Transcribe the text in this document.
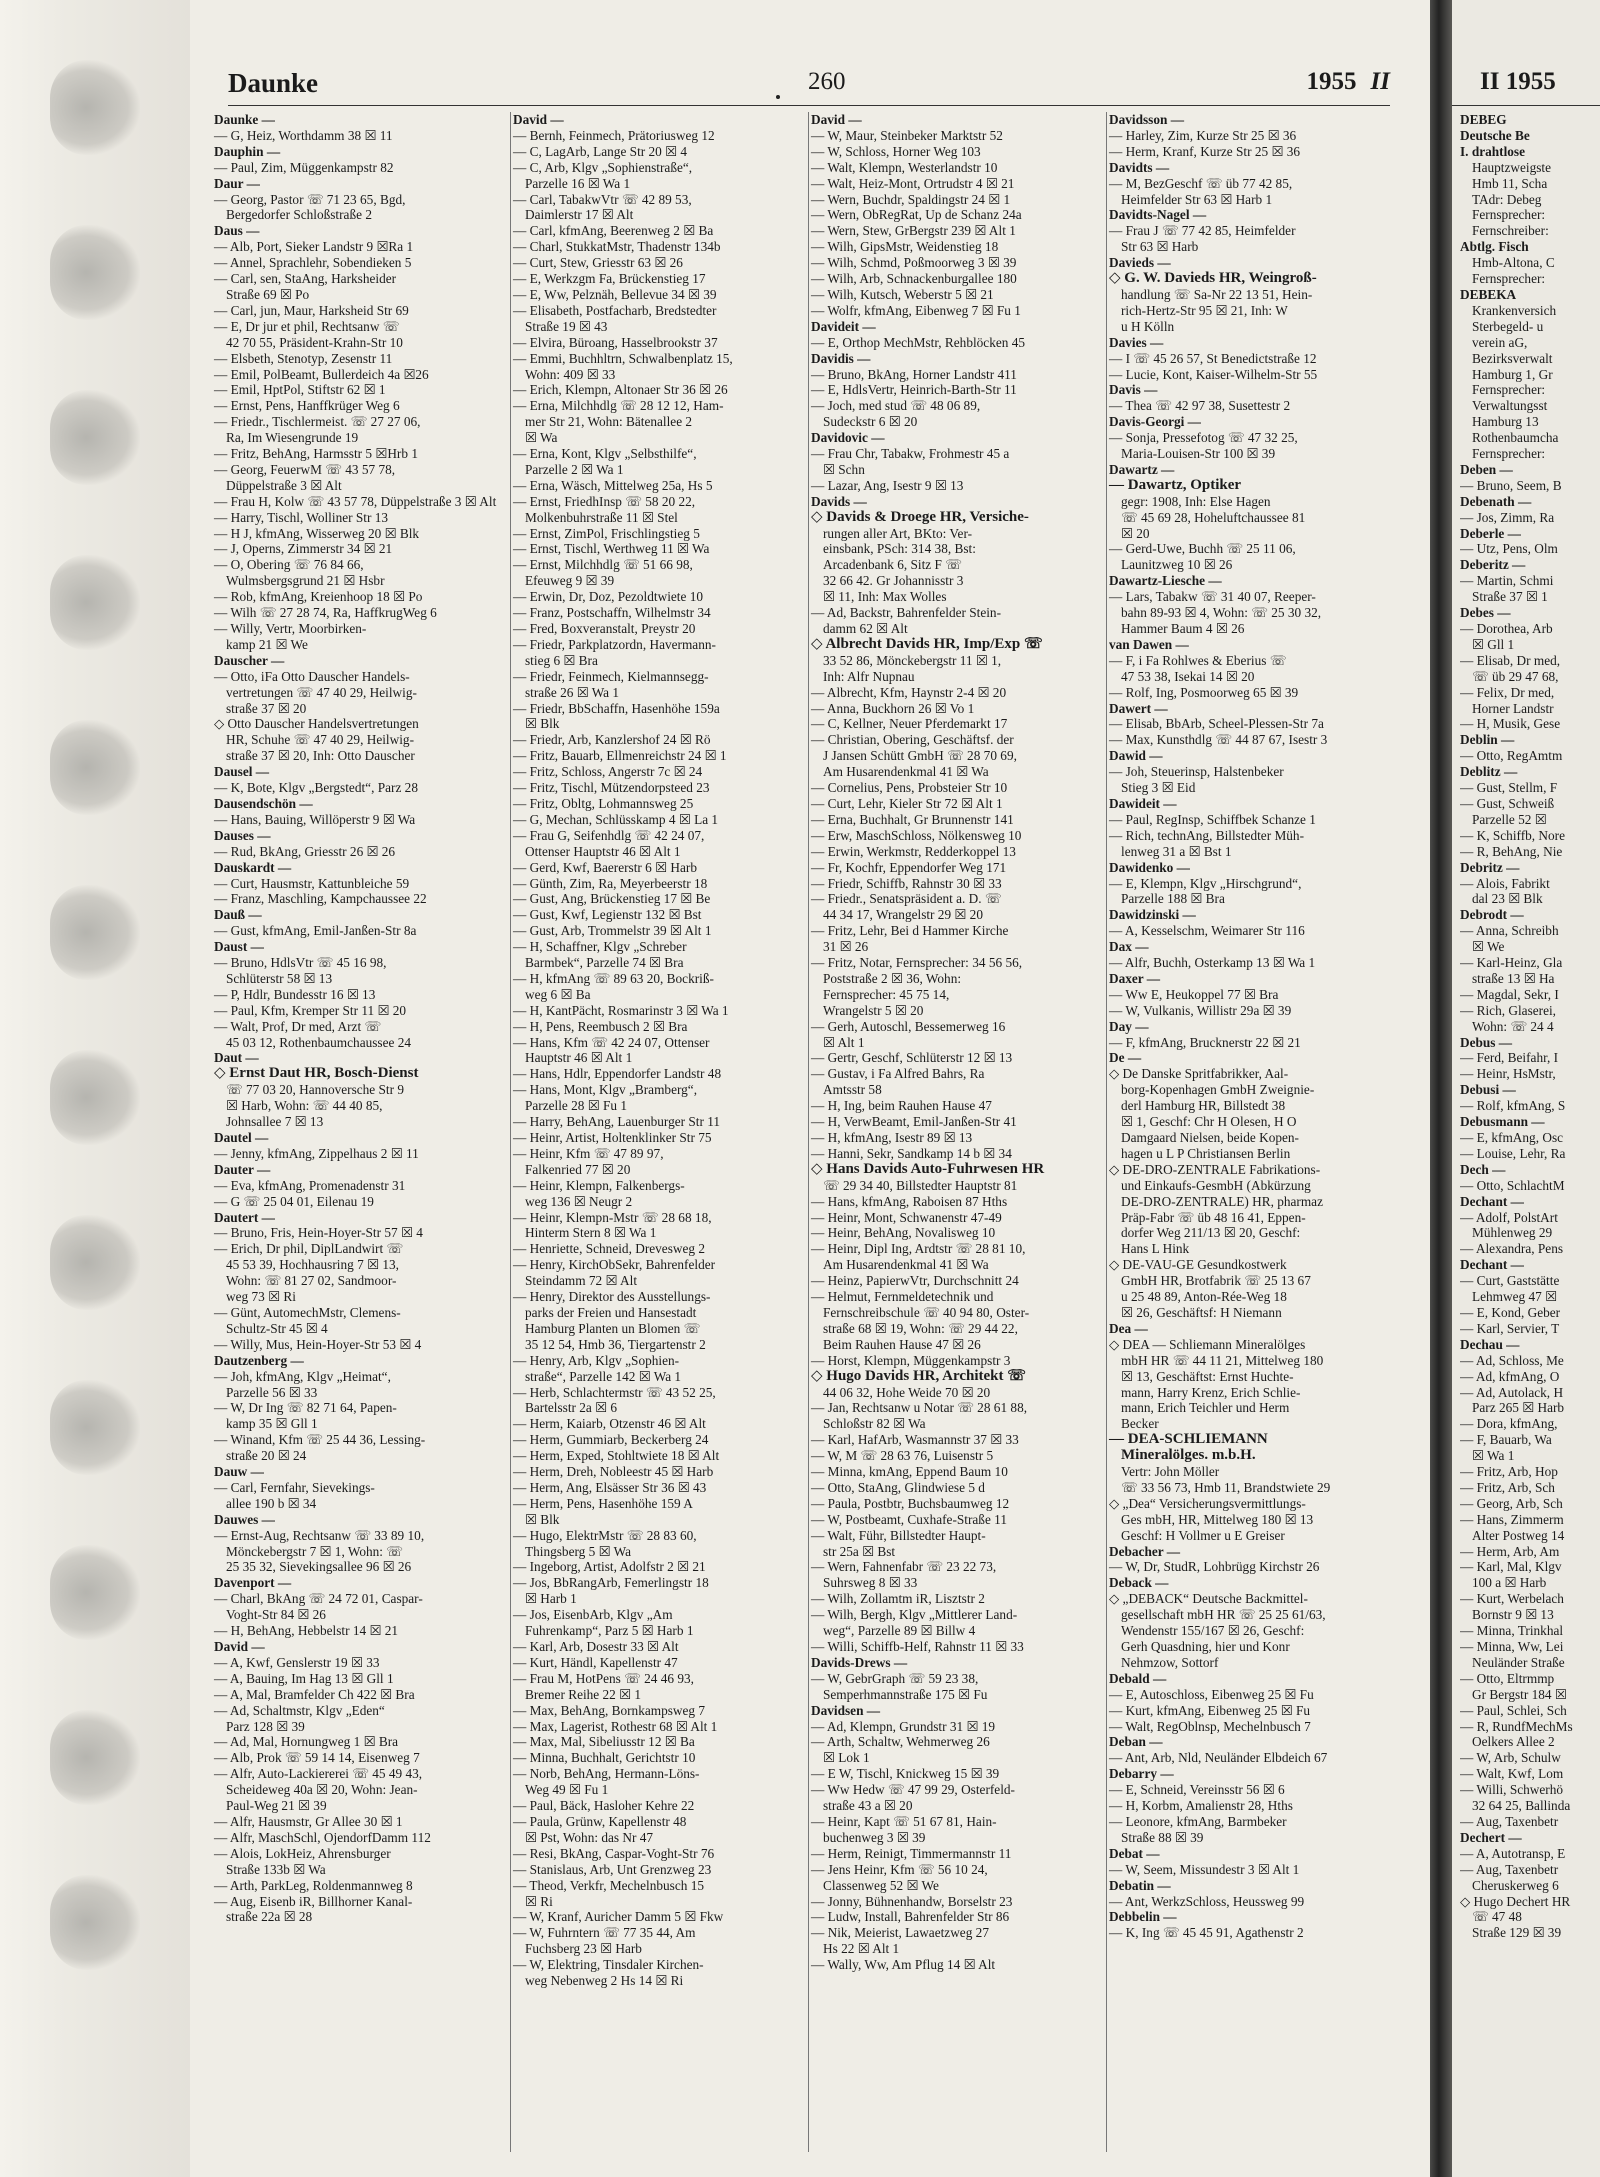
Daunke	260	1955 II
Daunke —
— G, Heiz, Worthdamm 38 ☒ 11
Dauphin —
— Paul, Zim, Müggenkampstr 82
Daur —
— Georg, Pastor ☏ 71 23 65, Bgd,
Bergedorfer Schloßstraße 2
Daus —
— Alb, Port, Sieker Landstr 9 ☒Ra 1
— Annel, Sprachlehr, Sobendieken 5
— Carl, sen, StaAng, Harksheider
Straße 69 ☒ Po
— Carl, jun, Maur, Harksheid Str 69
— E, Dr jur et phil, Rechtsanw ☏
42 70 55, Präsident-Krahn-Str 10
— Elsbeth, Stenotyp, Zesenstr 11
— Emil, PolBeamt, Bullerdeich 4a ☒26
— Emil, HptPol, Stiftstr 62 ☒ 1
— Ernst, Pens, Hanffkrüger Weg 6
— Friedr., Tischlermeist. ☏ 27 27 06,
Ra, Im Wiesengrunde 19
— Fritz, BehAng, Harmsstr 5 ☒Hrb 1
— Georg, FeuerwM ☏ 43 57 78,
Düppelstraße 3 ☒ Alt
— Frau H, Kolw ☏ 43 57 78, Düppelstraße 3 ☒ Alt
— Harry, Tischl, Wolliner Str 13
— H J, kfmAng, Wisserweg 20 ☒ Blk
— J, Operns, Zimmerstr 34 ☒ 21
— O, Obering ☏ 76 84 66,
Wulmsbergsgrund 21 ☒ Hsbr
— Rob, kfmAng, Kreienhoop 18 ☒ Po
— Wilh ☏ 27 28 74, Ra, HaffkrugWeg 6
— Willy, Vertr, Moorbirken-
kamp 21 ☒ We
Dauscher —
— Otto, iFa Otto Dauscher Handels-
vertretungen ☏ 47 40 29, Heilwig-
straße 37 ☒ 20
◇ Otto Dauscher Handelsvertretungen
HR, Schuhe ☏ 47 40 29, Heilwig-
straße 37 ☒ 20, Inh: Otto Dauscher
Dausel —
— K, Bote, Klgv „Bergstedt“, Parz 28
Dausendschön —
— Hans, Bauing, Willöperstr 9 ☒ Wa
Dauses —
— Rud, BkAng, Griesstr 26 ☒ 26
Dauskardt —
— Curt, Hausmstr, Kattunbleiche 59
— Franz, Maschling, Kampchaussee 22
Dauß —
— Gust, kfmAng, Emil-Janßen-Str 8a
Daust —
— Bruno, HdlsVtr ☏ 45 16 98,
Schlüterstr 58 ☒ 13
— P, Hdlr, Bundesstr 16 ☒ 13
— Paul, Kfm, Kremper Str 11 ☒ 20
— Walt, Prof, Dr med, Arzt ☏
45 03 12, Rothenbaumchaussee 24
Daut —
◇ Ernst Daut HR, Bosch-Dienst
☏ 77 03 20, Hannoversche Str 9
☒ Harb, Wohn: ☏ 44 40 85,
Johnsallee 7 ☒ 13
Dautel —
— Jenny, kfmAng, Zippelhaus 2 ☒ 11
Dauter —
— Eva, kfmAng, Promenadenstr 31
— G ☏ 25 04 01, Eilenau 19
Dautert —
— Bruno, Fris, Hein-Hoyer-Str 57 ☒ 4
— Erich, Dr phil, DiplLandwirt ☏
45 53 39, Hochhausring 7 ☒ 13,
Wohn: ☏ 81 27 02, Sandmoor-
weg 73 ☒ Ri
— Günt, AutomechMstr, Clemens-
Schultz-Str 45 ☒ 4
— Willy, Mus, Hein-Hoyer-Str 53 ☒ 4
Dautzenberg —
— Joh, kfmAng, Klgv „Heimat“,
Parzelle 56 ☒ 33
— W, Dr Ing ☏ 82 71 64, Papen-
kamp 35 ☒ Gll 1
— Winand, Kfm ☏ 25 44 36, Lessing-
straße 20 ☒ 24
Dauw —
— Carl, Fernfahr, Sievekings-
allee 190 b ☒ 34
Dauwes —
— Ernst-Aug, Rechtsanw ☏ 33 89 10,
Mönckebergstr 7 ☒ 1, Wohn: ☏
25 35 32, Sievekingsallee 96 ☒ 26
Davenport —
— Charl, BkAng ☏ 24 72 01, Caspar-
Voght-Str 84 ☒ 26
— H, BehAng, Hebbelstr 14 ☒ 21
David —
— A, Kwf, Genslerstr 19 ☒ 33
— A, Bauing, Im Hag 13 ☒ Gll 1
— A, Mal, Bramfelder Ch 422 ☒ Bra
— Ad, Schaltmstr, Klgv „Eden“
Parz 128 ☒ 39
— Ad, Mal, Hornungweg 1 ☒ Bra
— Alb, Prok ☏ 59 14 14, Eisenweg 7
— Alfr, Auto-Lackiererei ☏ 45 49 43,
Scheideweg 40a ☒ 20, Wohn: Jean-
Paul-Weg 21 ☒ 39
— Alfr, Hausmstr, Gr Allee 30 ☒ 1
— Alfr, MaschSchl, OjendorfDamm 112
— Alois, LokHeiz, Ahrensburger
Straße 133b ☒ Wa
— Arth, ParkLeg, Roldenmannweg 8
— Aug, Eisenb iR, Billhorner Kanal-
straße 22a ☒ 28
David —
— Bernh, Feinmech, Prätoriusweg 12
— C, LagArb, Lange Str 20 ☒ 4
— C, Arb, Klgv „Sophienstraße“,
Parzelle 16 ☒ Wa 1
— Carl, TabakwVtr ☏ 42 89 53,
Daimlerstr 17 ☒ Alt
— Carl, kfmAng, Beerenweg 2 ☒ Ba
— Charl, StukkatMstr, Thadenstr 134b
— Curt, Stew, Griesstr 63 ☒ 26
— E, Werkzgm Fa, Brückenstieg 17
— E, Ww, Pelznäh, Bellevue 34 ☒ 39
— Elisabeth, Postfacharb, Bredstedter
Straße 19 ☒ 43
— Elvira, Büroang, Hasselbrookstr 37
— Emmi, Buchhltrn, Schwalbenplatz 15,
Wohn: 409 ☒ 33
— Erich, Klempn, Altonaer Str 36 ☒ 26
— Erna, Milchhdlg ☏ 28 12 12, Ham-
mer Str 21, Wohn: Bätenallee 2
☒ Wa
— Erna, Kont, Klgv „Selbsthilfe“,
Parzelle 2 ☒ Wa 1
— Erna, Wäsch, Mittelweg 25a, Hs 5
— Ernst, FriedhInsp ☏ 58 20 22,
Molkenbuhrstraße 11 ☒ Stel
— Ernst, ZimPol, Frischlingstieg 5
— Ernst, Tischl, Werthweg 11 ☒ Wa
— Ernst, Milchhdlg ☏ 51 66 98,
Efeuweg 9 ☒ 39
— Erwin, Dr, Doz, Pezoldtwiete 10
— Franz, Postschaffn, Wilhelmstr 34
— Fred, Boxveranstalt, Preystr 20
— Friedr, Parkplatzordn, Havermann-
stieg 6 ☒ Bra
— Friedr, Feinmech, Kielmannsegg-
straße 26 ☒ Wa 1
— Friedr, BbSchaffn, Hasenhöhe 159a
☒ Blk
— Friedr, Arb, Kanzlershof 24 ☒ Rö
— Fritz, Bauarb, Ellmenreichstr 24 ☒ 1
— Fritz, Schloss, Angerstr 7c ☒ 24
— Fritz, Tischl, Mützendorpsteed 23
— Fritz, Obltg, Lohmannsweg 25
— G, Mechan, Schlüsskamp 4 ☒ La 1
— Frau G, Seifenhdlg ☏ 42 24 07,
Ottenser Hauptstr 46 ☒ Alt 1
— Gerd, Kwf, Baererstr 6 ☒ Harb
— Günth, Zim, Ra, Meyerbeerstr 18
— Gust, Ang, Brückenstieg 17 ☒ Be
— Gust, Kwf, Legienstr 132 ☒ Bst
— Gust, Arb, Trommelstr 39 ☒ Alt 1
— H, Schaffner, Klgv „Schreber
Barmbek“, Parzelle 74 ☒ Bra
— H, kfmAng ☏ 89 63 20, Bockriß-
weg 6 ☒ Ba
— H, KantPächt, Rosmarinstr 3 ☒ Wa 1
— H, Pens, Reembusch 2 ☒ Bra
— Hans, Kfm ☏ 42 24 07, Ottenser
Hauptstr 46 ☒ Alt 1
— Hans, Hdlr, Eppendorfer Landstr 48
— Hans, Mont, Klgv „Bramberg“,
Parzelle 28 ☒ Fu 1
— Harry, BehAng, Lauenburger Str 11
— Heinr, Artist, Holtenklinker Str 75
— Heinr, Kfm ☏ 47 89 97,
Falkenried 77 ☒ 20
— Heinr, Klempn, Falkenbergs-
weg 136 ☒ Neugr 2
— Heinr, Klempn-Mstr ☏ 28 68 18,
Hinterm Stern 8 ☒ Wa 1
— Henriette, Schneid, Drevesweg 2
— Henry, KirchObSekr, Bahrenfelder
Steindamm 72 ☒ Alt
— Henry, Direktor des Ausstellungs-
parks der Freien und Hansestadt
Hamburg Planten un Blomen ☏
35 12 54, Hmb 36, Tiergartenstr 2
— Henry, Arb, Klgv „Sophien-
straße“, Parzelle 142 ☒ Wa 1
— Herb, Schlachtermstr ☏ 43 52 25,
Bartelsstr 2a ☒ 6
— Herm, Kaiarb, Otzenstr 46 ☒ Alt
— Herm, Gummiarb, Beckerberg 24
— Herm, Exped, Stohltwiete 18 ☒ Alt
— Herm, Dreh, Nobleestr 45 ☒ Harb
— Herm, Ang, Elsässer Str 36 ☒ 43
— Herm, Pens, Hasenhöhe 159 A
☒ Blk
— Hugo, ElektrMstr ☏ 28 83 60,
Thingsberg 5 ☒ Wa
— Ingeborg, Artist, Adolfstr 2 ☒ 21
— Jos, BbRangArb, Femerlingstr 18
☒ Harb 1
— Jos, EisenbArb, Klgv „Am
Fuhrenkamp“, Parz 5 ☒ Harb 1
— Karl, Arb, Dosestr 33 ☒ Alt
— Kurt, Händl, Kapellenstr 47
— Frau M, HotPens ☏ 24 46 93,
Bremer Reihe 22 ☒ 1
— Max, BehAng, Bornkampsweg 7
— Max, Lagerist, Rothestr 68 ☒ Alt 1
— Max, Mal, Sibeliusstr 12 ☒ Ba
— Minna, Buchhalt, Gerichtstr 10
— Norb, BehAng, Hermann-Löns-
Weg 49 ☒ Fu 1
— Paul, Bäck, Hasloher Kehre 22
— Paula, Grünw, Kapellenstr 48
☒ Pst, Wohn: das Nr 47
— Resi, BkAng, Caspar-Voght-Str 76
— Stanislaus, Arb, Unt Grenzweg 23
— Theod, Verkfr, Mechelnbusch 15
☒ Ri
— W, Kranf, Auricher Damm 5 ☒ Fkw
— W, Fuhrntern ☏ 77 35 44, Am
Fuchsberg 23 ☒ Harb
— W, Elektring, Tinsdaler Kirchen-
weg Nebenweg 2 Hs 14 ☒ Ri
David —
— W, Maur, Steinbeker Marktstr 52
— W, Schloss, Horner Weg 103
— Walt, Klempn, Westerlandstr 10
— Walt, Heiz-Mont, Ortrudstr 4 ☒ 21
— Wern, Buchdr, Spaldingstr 24 ☒ 1
— Wern, ObRegRat, Up de Schanz 24a
— Wern, Stew, GrBergstr 239 ☒ Alt 1
— Wilh, GipsMstr, Weidenstieg 18
— Wilh, Schmd, Poßmoorweg 3 ☒ 39
— Wilh, Arb, Schnackenburgallee 180
— Wilh, Kutsch, Weberstr 5 ☒ 21
— Wolfr, kfmAng, Eibenweg 7 ☒ Fu 1
Davideit —
— E, Orthop MechMstr, Rehblöcken 45
Davidis —
— Bruno, BkAng, Horner Landstr 411
— E, HdlsVertr, Heinrich-Barth-Str 11
— Joch, med stud ☏ 48 06 89,
Sudeckstr 6 ☒ 20
Davidovic —
— Frau Chr, Tabakw, Frohmestr 45 a
☒ Schn
— Lazar, Ang, Isestr 9 ☒ 13
Davids —
◇ Davids & Droege HR, Versiche-
rungen aller Art, BKto: Ver-
einsbank, PSch: 314 38, Bst:
Arcadenbank 6, Sitz F ☏
32 66 42. Gr Johannisstr 3
☒ 11, Inh: Max Wolles
— Ad, Backstr, Bahrenfelder Stein-
damm 62 ☒ Alt
◇ Albrecht Davids HR, Imp/Exp ☏
33 52 86, Mönckebergstr 11 ☒ 1,
Inh: Alfr Nupnau
— Albrecht, Kfm, Haynstr 2-4 ☒ 20
— Anna, Buckhorn 26 ☒ Vo 1
— C, Kellner, Neuer Pferdemarkt 17
— Christian, Obering, Geschäftsf. der
J Jansen Schütt GmbH ☏ 28 70 69,
Am Husarendenkmal 41 ☒ Wa
— Cornelius, Pens, Probsteier Str 10
— Curt, Lehr, Kieler Str 72 ☒ Alt 1
— Erna, Buchhalt, Gr Brunnenstr 141
— Erw, MaschSchloss, Nölkensweg 10
— Erwin, Werkmstr, Redderkoppel 13
— Fr, Kochfr, Eppendorfer Weg 171
— Friedr, Schiffb, Rahnstr 30 ☒ 33
— Friedr., Senatspräsident a. D. ☏
44 34 17, Wrangelstr 29 ☒ 20
— Fritz, Lehr, Bei d Hammer Kirche
31 ☒ 26
— Fritz, Notar, Fernsprecher: 34 56 56,
Poststraße 2 ☒ 36, Wohn:
Fernsprecher: 45 75 14,
Wrangelstr 5 ☒ 20
— Gerh, Autoschl, Bessemerweg 16
☒ Alt 1
— Gertr, Geschf, Schlüterstr 12 ☒ 13
— Gustav, i Fa Alfred Bahrs, Ra
Amtsstr 58
— H, Ing, beim Rauhen Hause 47
— H, VerwBeamt, Emil-Janßen-Str 41
— H, kfmAng, Isestr 89 ☒ 13
— Hanni, Sekr, Sandkamp 14 b ☒ 34
◇ Hans Davids Auto-Fuhrwesen HR
☏ 29 34 40, Billstedter Hauptstr 81
— Hans, kfmAng, Raboisen 87 Hths
— Heinr, Mont, Schwanenstr 47-49
— Heinr, BehAng, Novalisweg 10
— Heinr, Dipl Ing, Ardtstr ☏ 28 81 10,
Am Husarendenkmal 41 ☒ Wa
— Heinz, PapierwVtr, Durchschnitt 24
— Helmut, Fernmeldetechnik und
Fernschreibschule ☏ 40 94 80, Oster-
straße 68 ☒ 19, Wohn: ☏ 29 44 22,
Beim Rauhen Hause 47 ☒ 26
— Horst, Klempn, Müggenkampstr 3
◇ Hugo Davids HR, Architekt ☏
44 06 32, Hohe Weide 70 ☒ 20
— Jan, Rechtsanw u Notar ☏ 28 61 88,
Schloßstr 82 ☒ Wa
— Karl, HafArb, Wasmannstr 37 ☒ 33
— W, M ☏ 28 63 76, Luisenstr 5
— Minna, kmAng, Eppend Baum 10
— Otto, StaAng, Glindwiese 5 d
— Paula, Postbtr, Buchsbaumweg 12
— W, Postbeamt, Cuxhafe-Straße 11
— Walt, Führ, Billstedter Haupt-
str 25a ☒ Bst
— Wern, Fahnenfabr ☏ 23 22 73,
Suhrsweg 8 ☒ 33
— Wilh, Zollamtm iR, Lisztstr 2
— Wilh, Bergh, Klgv „Mittlerer Land-
weg“, Parzelle 89 ☒ Billw 4
— Willi, Schiffb-Helf, Rahnstr 11 ☒ 33
Davids-Drews —
— W, GebrGraph ☏ 59 23 38,
Semperhmannstraße 175 ☒ Fu
Davidsen —
— Ad, Klempn, Grundstr 31 ☒ 19
— Arth, Schaltw, Wehmerweg 26
☒ Lok 1
— E W, Tischl, Knickweg 15 ☒ 39
— Ww Hedw ☏ 47 99 29, Osterfeld-
straße 43 a ☒ 20
— Heinr, Kapt ☏ 51 67 81, Hain-
buchenweg 3 ☒ 39
— Herm, Reinigt, Timmermannstr 11
— Jens Heinr, Kfm ☏ 56 10 24,
Classenweg 52 ☒ We
— Jonny, Bühnenhandw, Borselstr 23
— Ludw, Install, Bahrenfelder Str 86
— Nik, Meierist, Lawaetzweg 27
Hs 22 ☒ Alt 1
— Wally, Ww, Am Pflug 14 ☒ Alt
Davidsson —
— Harley, Zim, Kurze Str 25 ☒ 36
— Herm, Kranf, Kurze Str 25 ☒ 36
Davidts —
— M, BezGeschf ☏ üb 77 42 85,
Heimfelder Str 63 ☒ Harb 1
Davidts-Nagel —
— Frau J ☏ 77 42 85, Heimfelder
Str 63 ☒ Harb
Davieds —
◇ G. W. Davieds HR, Weingroß-
handlung ☏ Sa-Nr 22 13 51, Hein-
rich-Hertz-Str 95 ☒ 21, Inh: W
u H Kölln
Davies —
— I ☏ 45 26 57, St Benedictstraße 12
— Lucie, Kont, Kaiser-Wilhelm-Str 55
Davis —
— Thea ☏ 42 97 38, Susettestr 2
Davis-Georgi —
— Sonja, Pressefotog ☏ 47 32 25,
Maria-Louisen-Str 100 ☒ 39
Dawartz —
— Dawartz, Optiker
gegr: 1908, Inh: Else Hagen
☏ 45 69 28, Hoheluftchaussee 81
☒ 20
— Gerd-Uwe, Buchh ☏ 25 11 06,
Launitzweg 10 ☒ 26
Dawartz-Liesche —
— Lars, Tabakw ☏ 31 40 07, Reeper-
bahn 89-93 ☒ 4, Wohn: ☏ 25 30 32,
Hammer Baum 4 ☒ 26
van Dawen —
— F, i Fa Rohlwes & Eberius ☏
47 53 38, Isekai 14 ☒ 20
— Rolf, Ing, Posmoorweg 65 ☒ 39
Dawert —
— Elisab, BbArb, Scheel-Plessen-Str 7a
— Max, Kunsthdlg ☏ 44 87 67, Isestr 3
Dawid —
— Joh, Steuerinsp, Halstenbeker
Stieg 3 ☒ Eid
Dawideit —
— Paul, RegInsp, Schiffbek Schanze 1
— Rich, technAng, Billstedter Müh-
lenweg 31 a ☒ Bst 1
Dawidenko —
— E, Klempn, Klgv „Hirschgrund“,
Parzelle 188 ☒ Bra
Dawidzinski —
— A, Kesselschm, Weimarer Str 116
Dax —
— Alfr, Buchh, Osterkamp 13 ☒ Wa 1
Daxer —
— Ww E, Heukoppel 77 ☒ Bra
— W, Vulkanis, Willistr 29a ☒ 39
Day —
— F, kfmAng, Brucknerstr 22 ☒ 21
De —
◇ De Danske Spritfabrikker, Aal-
borg-Kopenhagen GmbH Zweignie-
derl Hamburg HR, Billstedt 38
☒ 1, Geschf: Chr H Olesen, H O
Damgaard Nielsen, beide Kopen-
hagen u L P Christiansen Berlin
◇ DE-DRO-ZENTRALE Fabrikations-
und Einkaufs-GesmbH (Abkürzung
DE-DRO-ZENTRALE) HR, pharmaz
Präp-Fabr ☏ üb 48 16 41, Eppen-
dorfer Weg 211/13 ☒ 20, Geschf:
Hans L Hink
◇ DE-VAU-GE Gesundkostwerk
GmbH HR, Brotfabrik ☏ 25 13 67
u 25 48 89, Anton-Rée-Weg 18
☒ 26, Geschäftsf: H Niemann
Dea —
◇ DEA — Schliemann Mineralölges
mbH HR ☏ 44 11 21, Mittelweg 180
☒ 13, Geschäftst: Ernst Huchte-
mann, Harry Krenz, Erich Schlie-
mann, Erich Teichler und Herm
Becker
— DEA-SCHLIEMANN
Mineralölges. m.b.H.
Vertr: John Möller
☏ 33 56 73, Hmb 11, Brandstwiete 29
◇ „Dea“ Versicherungsvermittlungs-
Ges mbH, HR, Mittelweg 180 ☒ 13
Geschf: H Vollmer u E Greiser
Debacher —
— W, Dr, StudR, Lohbrügg Kirchstr 26
Deback —
◇ „DEBACK“ Deutsche Backmittel-
gesellschaft mbH HR ☏ 25 25 61/63,
Wendenstr 155/167 ☒ 26, Geschf:
Gerh Quasdning, hier und Konr
Nehmzow, Sottorf
Debald —
— E, Autoschloss, Eibenweg 25 ☒ Fu
— Kurt, kfmAng, Eibenweg 25 ☒ Fu
— Walt, RegOblnsp, Mechelnbusch 7
Deban —
— Ant, Arb, Nld, Neuländer Elbdeich 67
Debarry —
— E, Schneid, Vereinsstr 56 ☒ 6
— H, Korbm, Amalienstr 28, Hths
— Leonore, kfmAng, Barmbeker
Straße 88 ☒ 39
Debat —
— W, Seem, Missundestr 3 ☒ Alt 1
Debatin —
— Ant, WerkzSchloss, Heussweg 99
Debbelin —
— K, Ing ☏ 45 45 91, Agathenstr 2
II 1955
DEBEG
Deutsche Be
I. drahtlose
Hauptzweigste
Hmb 11, Scha
TAdr: Debeg
Fernsprecher:
Fernschreiber:
Abtlg. Fisch
Hmb-Altona, C
Fernsprecher:
DEBEKA
Krankenversich
Sterbegeld- u
verein aG,
Bezirksverwalt
Hamburg 1, Gr
Fernsprecher:
Verwaltungsst
Hamburg 13
Rothenbaumcha
Fernsprecher:
Deben —
— Bruno, Seem, B
Debenath —
— Jos, Zimm, Ra
Deberle —
— Utz, Pens, Olm
Deberitz —
— Martin, Schmi
Straße 37 ☒ 1
Debes —
— Dorothea, Arb
☒ Gll 1
— Elisab, Dr med,
☏ üb 29 47 68,
— Felix, Dr med,
Horner Landstr
— H, Musik, Gese
Deblin —
— Otto, RegAmtm
Deblitz —
— Gust, Stellm, F
— Gust, Schweiß
Parzelle 52 ☒
— K, Schiffb, Nore
— R, BehAng, Nie
Debritz —
— Alois, Fabrikt
dal 23 ☒ Blk
Debrodt —
— Anna, Schreibh
☒ We
— Karl-Heinz, Gla
straße 13 ☒ Ha
— Magdal, Sekr, I
— Rich, Glaserei,
Wohn: ☏ 24 4
Debus —
— Ferd, Beifahr, I
— Heinr, HsMstr,
Debusi —
— Rolf, kfmAng, S
Debusmann —
— E, kfmAng, Osc
— Louise, Lehr, Ra
Dech —
— Otto, SchlachtM
Dechant —
— Adolf, PolstArt
Mühlenweg 29
— Alexandra, Pens
Dechant —
— Curt, Gaststätte
Lehmweg 47 ☒
— E, Kond, Geber
— Karl, Servier, T
Dechau —
— Ad, Schloss, Me
— Ad, kfmAng, O
— Ad, Autolack, H
Parz 265 ☒ Harb
— Dora, kfmAng,
— F, Bauarb, Wa
☒ Wa 1
— Fritz, Arb, Hop
— Fritz, Arb, Sch
— Georg, Arb, Sch
— Hans, Zimmerm
Alter Postweg 14
— Herm, Arb, Am
— Karl, Mal, Klgv
100 a ☒ Harb
— Kurt, Werbelach
Bornstr 9 ☒ 13
— Minna, Trinkhal
— Minna, Ww, Lei
Neuländer Straße
— Otto, Eltrmmp
Gr Bergstr 184 ☒
— Paul, Schlei, Sch
— R, RundfMechMs
Oelkers Allee 2
— W, Arb, Schulw
— Walt, Kwf, Lom
— Willi, Schwerhö
32 64 25, Ballinda
— Aug, Taxenbetr
Dechert —
— A, Autotransp, E
— Aug, Taxenbetr
Cheruskerweg 6
◇ Hugo Dechert HR
☏ 47 48
Straße 129 ☒ 39
